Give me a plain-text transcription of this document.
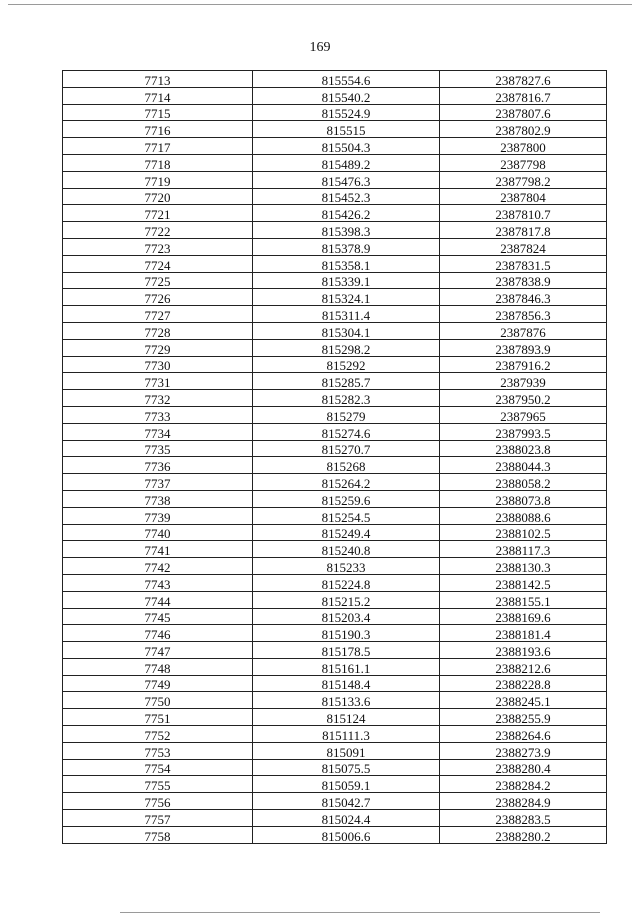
169
7713	815554.6	2387827.6
7714	815540.2	2387816.7
7715	815524.9	2387807.6
7716	815515	2387802.9
7717	815504.3	2387800
7718	815489.2	2387798
7719	815476.3	2387798.2
7720	815452.3	2387804
7721	815426.2	2387810.7
7722	815398.3	2387817.8
7723	815378.9	2387824
7724	815358.1	2387831.5
7725	815339.1	2387838.9
7726	815324.1	2387846.3
7727	815311.4	2387856.3
7728	815304.1	2387876
7729	815298.2	2387893.9
7730	815292	2387916.2
7731	815285.7	2387939
7732	815282.3	2387950.2
7733	815279	2387965
7734	815274.6	2387993.5
7735	815270.7	2388023.8
7736	815268	2388044.3
7737	815264.2	2388058.2
7738	815259.6	2388073.8
7739	815254.5	2388088.6
7740	815249.4	2388102.5
7741	815240.8	2388117.3
7742	815233	2388130.3
7743	815224.8	2388142.5
7744	815215.2	2388155.1
7745	815203.4	2388169.6
7746	815190.3	2388181.4
7747	815178.5	2388193.6
7748	815161.1	2388212.6
7749	815148.4	2388228.8
7750	815133.6	2388245.1
7751	815124	2388255.9
7752	815111.3	2388264.6
7753	815091	2388273.9
7754	815075.5	2388280.4
7755	815059.1	2388284.2
7756	815042.7	2388284.9
7757	815024.4	2388283.5
7758	815006.6	2388280.2
